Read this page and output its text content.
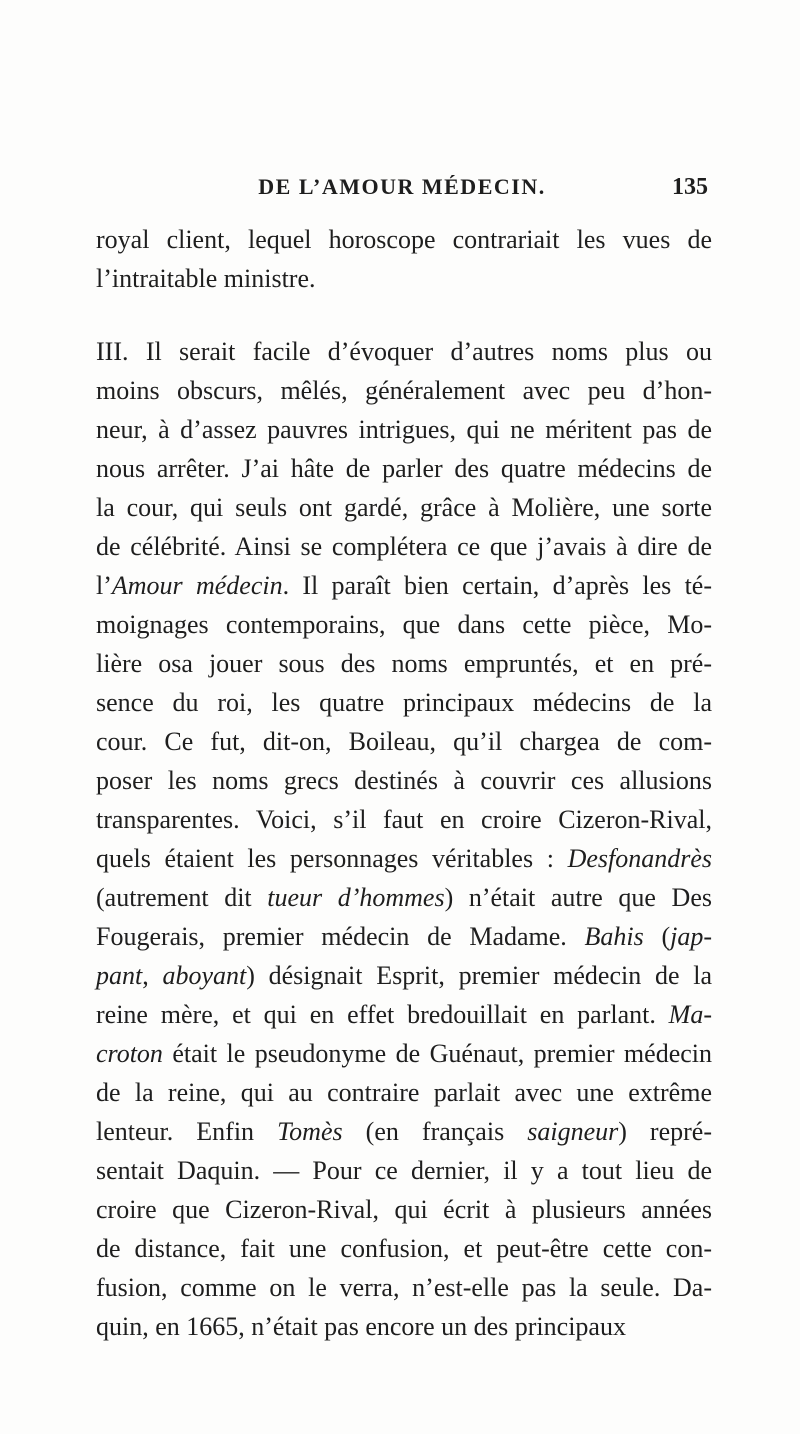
DE L’AMOUR MÉDECIN.	135
royal client, lequel horoscope contrariait les vues de
l’intraitable ministre.
III. Il serait facile d’évoquer d’autres noms plus ou
moins obscurs, mêlés, généralement avec peu d’hon-
neur, à d’assez pauvres intrigues, qui ne méritent pas de
nous arrêter. J’ai hâte de parler des quatre médecins de
la cour, qui seuls ont gardé, grâce à Molière, une sorte
de célébrité. Ainsi se complétera ce que j’avais à dire de
l’Amour médecin. Il paraît bien certain, d’après les té-
moignages contemporains, que dans cette pièce, Mo-
lière osa jouer sous des noms empruntés, et en pré-
sence du roi, les quatre principaux médecins de la
cour. Ce fut, dit-on, Boileau, qu’il chargea de com-
poser les noms grecs destinés à couvrir ces allusions
transparentes. Voici, s’il faut en croire Cizeron-Rival,
quels étaient les personnages véritables : Desfonandrès
(autrement dit tueur d’hommes) n’était autre que Des
Fougerais, premier médecin de Madame. Bahis (jap-
pant, aboyant) désignait Esprit, premier médecin de la
reine mère, et qui en effet bredouillait en parlant. Ma-
croton était le pseudonyme de Guénaut, premier médecin
de la reine, qui au contraire parlait avec une extrême
lenteur. Enfin Tomès (en français saigneur) repré-
sentait Daquin. — Pour ce dernier, il y a tout lieu de
croire que Cizeron-Rival, qui écrit à plusieurs années
de distance, fait une confusion, et peut-être cette con-
fusion, comme on le verra, n’est-elle pas la seule. Da-
quin, en 1665, n’était pas encore un des principaux
